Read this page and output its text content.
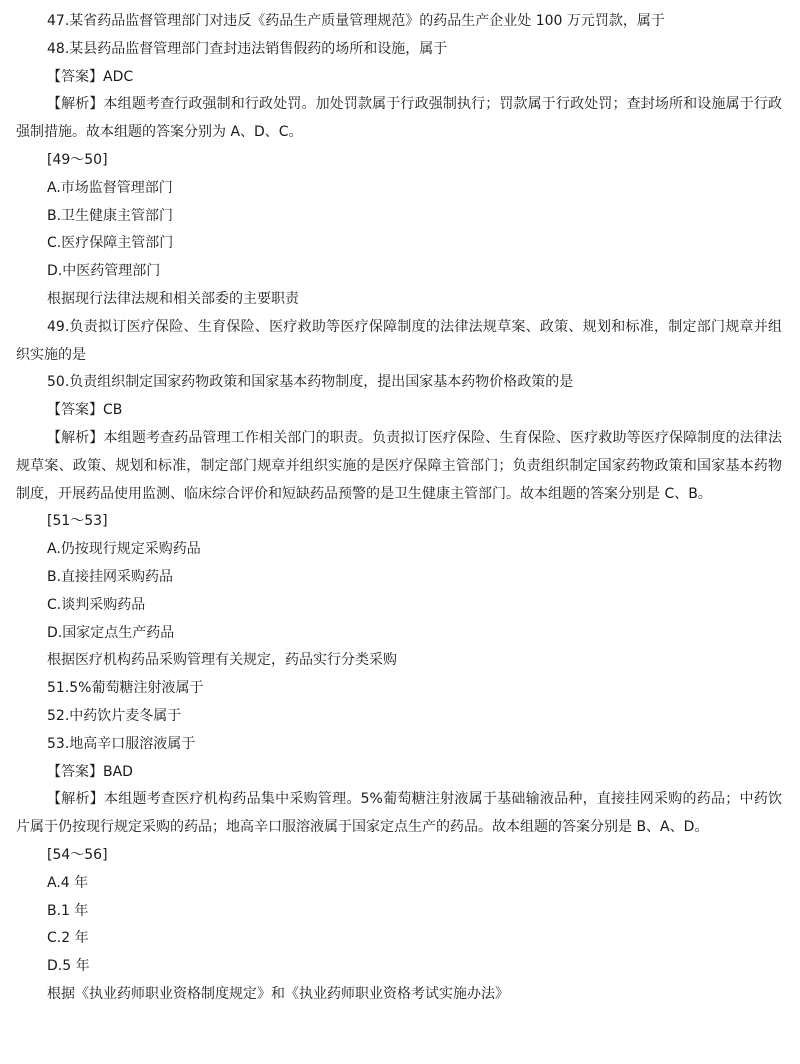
47.某省药品监督管理部门对违反《药品生产质量管理规范》的药品生产企业处 100 万元罚款，属于

48.某县药品监督管理部门查封违法销售假药的场所和设施，属于

【答案】ADC

【解析】本组题考查行政强制和行政处罚。加处罚款属于行政强制执行；罚款属于行政处罚；查封场所和设施属于行政强制措施。故本组题的答案分别为 A、D、C。

[49～50]

A.市场监督管理部门

B.卫生健康主管部门

C.医疗保障主管部门

D.中医药管理部门

根据现行法律法规和相关部委的主要职责

49.负责拟订医疗保险、生育保险、医疗救助等医疗保障制度的法律法规草案、政策、规划和标准，制定部门规章并组织实施的是

50.负责组织制定国家药物政策和国家基本药物制度，提出国家基本药物价格政策的是

【答案】CB

【解析】本组题考查药品管理工作相关部门的职责。负责拟订医疗保险、生育保险、医疗救助等医疗保障制度的法律法规草案、政策、规划和标准，制定部门规章并组织实施的是医疗保障主管部门；负责组织制定国家药物政策和国家基本药物制度，开展药品使用监测、临床综合评价和短缺药品预警的是卫生健康主管部门。故本组题的答案分别是 C、B。

[51～53]

A.仍按现行规定采购药品

B.直接挂网采购药品

C.谈判采购药品

D.国家定点生产药品

根据医疗机构药品采购管理有关规定，药品实行分类采购

51.5%葡萄糖注射液属于

52.中药饮片麦冬属于

53.地高辛口服溶液属于

【答案】BAD

【解析】本组题考查医疗机构药品集中采购管理。5%葡萄糖注射液属于基础输液品种，直接挂网采购的药品；中药饮片属于仍按现行规定采购的药品；地高辛口服溶液属于国家定点生产的药品。故本组题的答案分别是 B、A、D。

[54～56]

A.4 年

B.1 年

C.2 年

D.5 年

根据《执业药师职业资格制度规定》和《执业药师职业资格考试实施办法》
